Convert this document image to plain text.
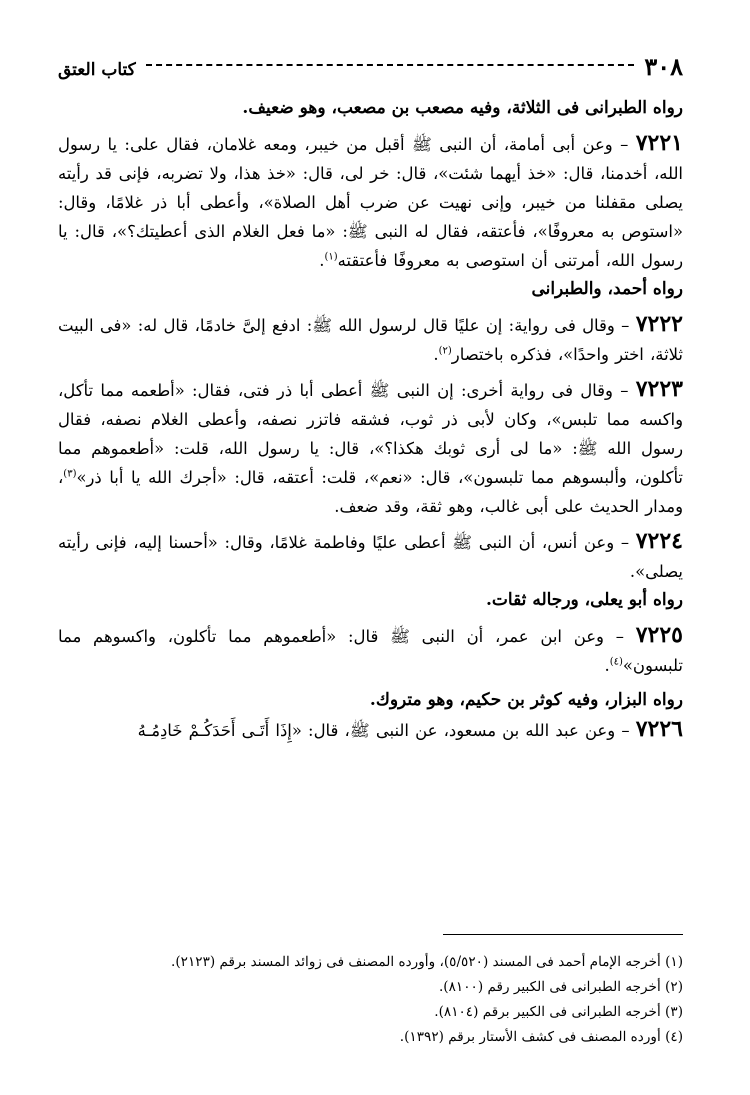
٣٠٨
كتاب العتق

رواه الطبرانى فى الثلاثة، وفيه مصعب بن مصعب، وهو ضعيف.

٧٢٢١ – وعن أبى أمامة، أن النبى ﷺ أقبل من خيبر، ومعه غلامان، فقال على: يا رسول الله، أخدمنا، قال: «خذ أيهما شئت»، قال: خر لى، قال: «خذ هذا، ولا تضربه، فإنى قد رأيته يصلى مقفلنا من خيبر، وإنى نهيت عن ضرب أهل الصلاة»، وأعطى أبا ذر غلامًا، وقال: «استوص به معروفًا»، فأعتقه، فقال له النبى ﷺ: «ما فعل الغلام الذى أعطيتك؟»، قال: يا رسول الله، أمرتنى أن استوصى به معروفًا فأعتقته$^{(١)}$.

رواه أحمد، والطبرانى

٧٢٢٢ – وقال فى رواية: إن عليًا قال لرسول الله ﷺ: ادفع إلىَّ خادمًا، قال له: «فى البيت ثلاثة، اختر واحدًا»، فذكره باختصار$^{(٢)}$.

٧٢٢٣ – وقال فى رواية أخرى: إن النبى ﷺ أعطى أبا ذر فتى، فقال: «أطعمه مما تأكل، واكسه مما تلبس»، وكان لأبى ذر ثوب، فشقه فاتزر نصفه، وأعطى الغلام نصفه، فقال رسول الله ﷺ: «ما لى أرى ثوبك هكذا؟»، قال: يا رسول الله، قلت: «أطعموهم مما تأكلون، وألبسوهم مما تلبسون»، قال: «نعم»، قلت: أعتقه، قال: «أجرك الله يا أبا ذر»$^{(٣)}$، ومدار الحديث على أبى غالب، وهو ثقة، وقد ضعف.

٧٢٢٤ – وعن أنس، أن النبى ﷺ أعطى عليًا وفاطمة غلامًا، وقال: «أحسنا إليه، فإنى رأيته يصلى».

رواه أبو يعلى، ورجاله ثقات.

٧٢٢٥ – وعن ابن عمر، أن النبى ﷺ قال: «أطعموهم مما تأكلون، واكسوهم مما تلبسون»$^{(٤)}$.

رواه البزار، وفيه كوثر بن حكيم، وهو متروك.

٧٢٢٦ – وعن عبد الله بن مسعود، عن النبى ﷺ، قال: «إِذَا أَتَـى أَحَدَكُـمْ خَادِمُـهُ

(١) أخرجه الإمام أحمد فى المسند (٥/٥٢٠)، وأورده المصنف فى زوائد المسند برقم (٢١٢٣).

(٢) أخرجه الطبرانى فى الكبير رقم (٨١٠٠).

(٣) أخرجه الطبرانى فى الكبير برقم (٨١٠٤).

(٤) أورده المصنف فى كشف الأستار برقم (١٣٩٢).
